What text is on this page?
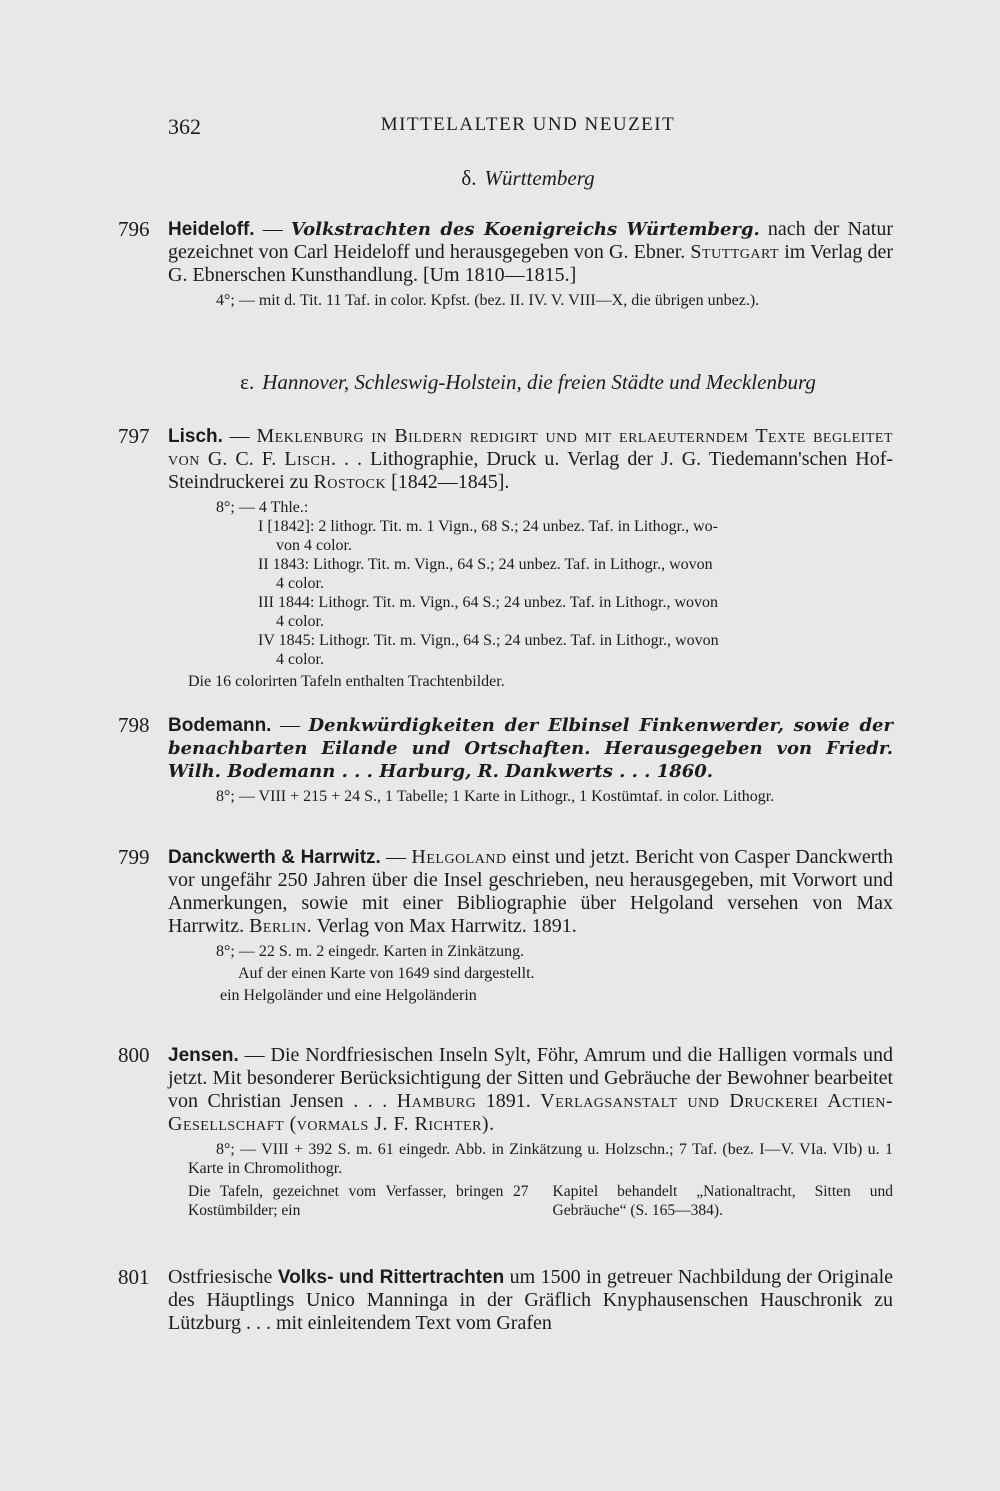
362	MITTELALTER UND NEUZEIT
δ. Württemberg
796 Heideloff. — Volkstrachten des Koenigreichs Würtemberg. nach der Natur gezeichnet von Carl Heideloff und herausgegeben von G. Ebner. Stuttgart im Verlag der G. Ebnerschen Kunsthandlung. [Um 1810—1815.]
4°; — mit d. Tit. 11 Taf. in color. Kpfst. (bez. II. IV. V. VIII—X, die übrigen unbez.).
ε. Hannover, Schleswig-Holstein, die freien Städte und Mecklenburg
797 Lisch. — Meklenburg in Bildern redigirt und mit erlaeuterndem Texte begleitet von G. C. F. Lisch. . . Lithographie, Druck u. Verlag der J. G. Tiedemann'schen Hof-Steindruckerei zu Rostock [1842—1845].
8°; — 4 Thle.:
I [1842]: 2 lithogr. Tit. m. 1 Vign., 68 S.; 24 unbez. Taf. in Lithogr., wo-
von 4 color.
II 1843: Lithogr. Tit. m. Vign., 64 S.; 24 unbez. Taf. in Lithogr., wovon
4 color.
III 1844: Lithogr. Tit. m. Vign., 64 S.; 24 unbez. Taf. in Lithogr., wovon
4 color.
IV 1845: Lithogr. Tit. m. Vign., 64 S.; 24 unbez. Taf. in Lithogr., wovon
4 color.
Die 16 colorirten Tafeln enthalten Trachtenbilder.
798 Bodemann. — Denkwürdigkeiten der Elbinsel Finkenwerder, sowie der benachbarten Eilande und Ortschaften. Herausgegeben von Friedr. Wilh. Bodemann . . . Harburg, R. Dankwerts . . . 1860.
8°; — VIII + 215 + 24 S., 1 Tabelle; 1 Karte in Lithogr., 1 Kostümtaf. in color. Lithogr.
799 Danckwerth & Harrwitz. — Helgoland einst und jetzt. Bericht von Casper Danckwerth vor ungefähr 250 Jahren über die Insel geschrieben, neu herausgegeben, mit Vorwort und Anmerkungen, sowie mit einer Bibliographie über Helgoland versehen von Max Harrwitz. Berlin. Verlag von Max Harrwitz. 1891.
8°; — 22 S. m. 2 eingedr. Karten in Zinkätzung.
Auf der einen Karte von 1649 sind dargestellt.
ein Helgoländer und eine Helgoländerin
800 Jensen. — Die Nordfriesischen Inseln Sylt, Föhr, Amrum und die Halligen vormals und jetzt. Mit besonderer Berücksichtigung der Sitten und Gebräuche der Bewohner bearbeitet von Christian Jensen . . . Hamburg 1891. Verlagsanstalt und Druckerei Actien-Gesellschaft (vormals J. F. Richter).
8°; — VIII + 392 S. m. 61 eingedr. Abb. in Zinkätzung u. Holzschn.; 7 Taf. (bez. I—V. VIa. VIb) u. 1 Karte in Chromolithogr.
Die Tafeln, gezeichnet vom Verfasser, bringen 27 Kostümbilder; ein
Kapitel behandelt „Nationaltracht, Sitten und Gebräuche“ (S. 165—384).
801 Ostfriesische Volks- und Rittertrachten um 1500 in getreuer Nachbildung der Originale des Häuptlings Unico Manninga in der Gräflich Knyphausenschen Hauschronik zu Lützburg . . . mit einleitendem Text vom Grafen
